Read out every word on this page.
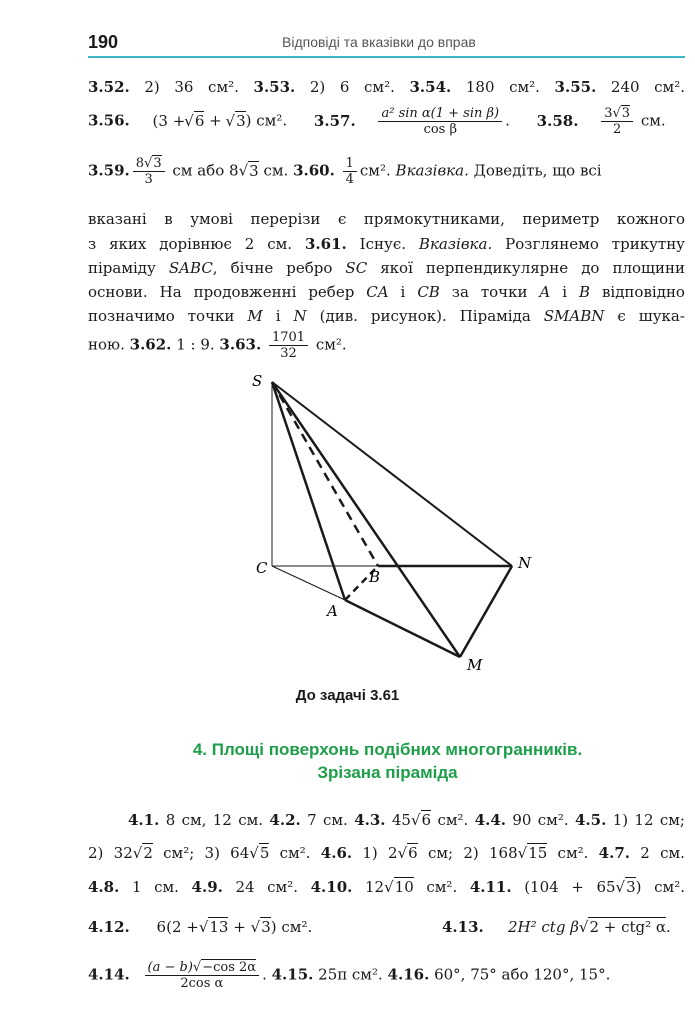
190	Відповіді та вказівки до вправ
3.52. 2) 36 см². 3.53. 2) 6 см². 3.54. 180 см². 3.55. 240 см².
3.56. (3 +√6 + √3) см². 3.57. $\frac{\text{a² sin α(1 + sin β)}}{\text{cos β}}$ . 3.58. $\frac{3√3}{2}$ см.
3.59. $\frac{8√3}{3}$ см або 8√3 см. 3.60. $\frac{1}{4} см^2$. Вказівка. Доведіть, що всі
вказані в умові перерізи є прямокутниками, периметр кожного
з яких дорівнює 2 см. 3.61. Існує. Вказівка. Розглянемо трикутну
піраміду SABC, бічне ребро SC якої перпендикулярне до площини
основи. На продовженні ребер CA і CB за точки A і B відповідно
позначимо точки M і N (див. рисунок). Піраміда SMABN є шука-
ною. 3.62. 1 : 9. 3.63. $\frac{1701}{32} см^2$.
S
C	B
N
A
M
До задачі 3.61
4. Площі поверхонь подібних многогранників.
Зрізана піраміда
4.1. 8 см, 12 см. 4.2. 7 см. 4.3. 45√6 см². 4.4. 90 см². 4.5. 1) 12 см;
2) 32√2 см²; 3) 64√5 см². 4.6. 1) 2√6 см; 2) 168√15 см². 4.7. 2 см.
4.8. 1 см. 4.9. 24 см². 4.10. 12√10 см². 4.11. (104 + 65√3) см².
4.12. 6(2 +√13 + √3) см².	4.13. 2H² ctg β√2 + ctg² α.
4.14. $\frac{(a - b)√-\cos 2\alpha}{\text{2cos α}}$ . 4.15. 25π см². 4.16. 60°, 75° або 120°, 15°.
